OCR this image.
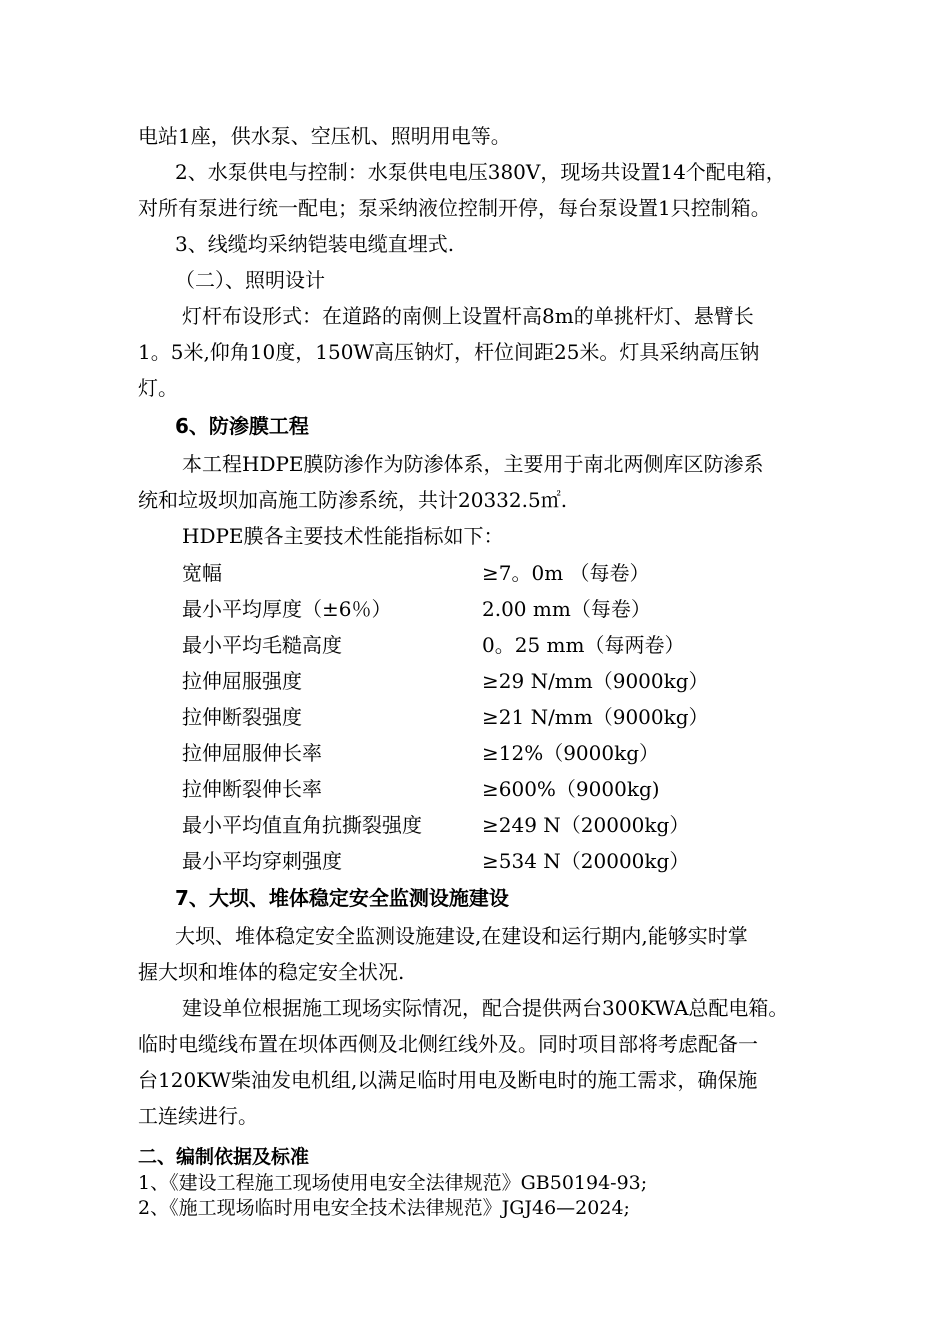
电站1座，供水泵、空压机、照明用电等。
2、水泵供电与控制：水泵供电电压380V，现场共设置14个配电箱，
对所有泵进行统一配电；泵采纳液位控制开停，每台泵设置1只控制箱。
3、线缆均采纳铠装电缆直埋式.
（二）、照明设计
灯杆布设形式：在道路的南侧上设置杆高8m的单挑杆灯、悬臂长
1。5米,仰角10度，150W高压钠灯，杆位间距25米。灯具采纳高压钠
灯。
6、防渗膜工程
本工程HDPE膜防渗作为防渗体系，主要用于南北两侧库区防渗系
统和垃圾坝加高施工防渗系统，共计20332.5㎡.
HDPE膜各主要技术性能指标如下：
宽幅	≥7。0m （每卷）
最小平均厚度（±6％）	2.00 mm（每卷）
最小平均毛糙高度	0。25 mm（每两卷）
拉伸屈服强度	≥29 N/mm（9000kg）
拉伸断裂强度	≥21 N/mm（9000kg）
拉伸屈服伸长率	≥12%（9000kg）
拉伸断裂伸长率	≥600%（9000kg)
最小平均值直角抗撕裂强度	≥249 N（20000kg）
最小平均穿刺强度	≥534 N（20000kg）
7、大坝、堆体稳定安全监测设施建设
大坝、堆体稳定安全监测设施建设,在建设和运行期内,能够实时掌
握大坝和堆体的稳定安全状况.
建设单位根据施工现场实际情况，配合提供两台300KWA总配电箱。
临时电缆线布置在坝体西侧及北侧红线外及。同时项目部将考虑配备一
台120KW柴油发电机组,以满足临时用电及断电时的施工需求，确保施
工连续进行。
二、编制依据及标准
1、《建设工程施工现场使用电安全法律规范》GB50194-93;
2、《施工现场临时用电安全技术法律规范》JGJ46—2024;
